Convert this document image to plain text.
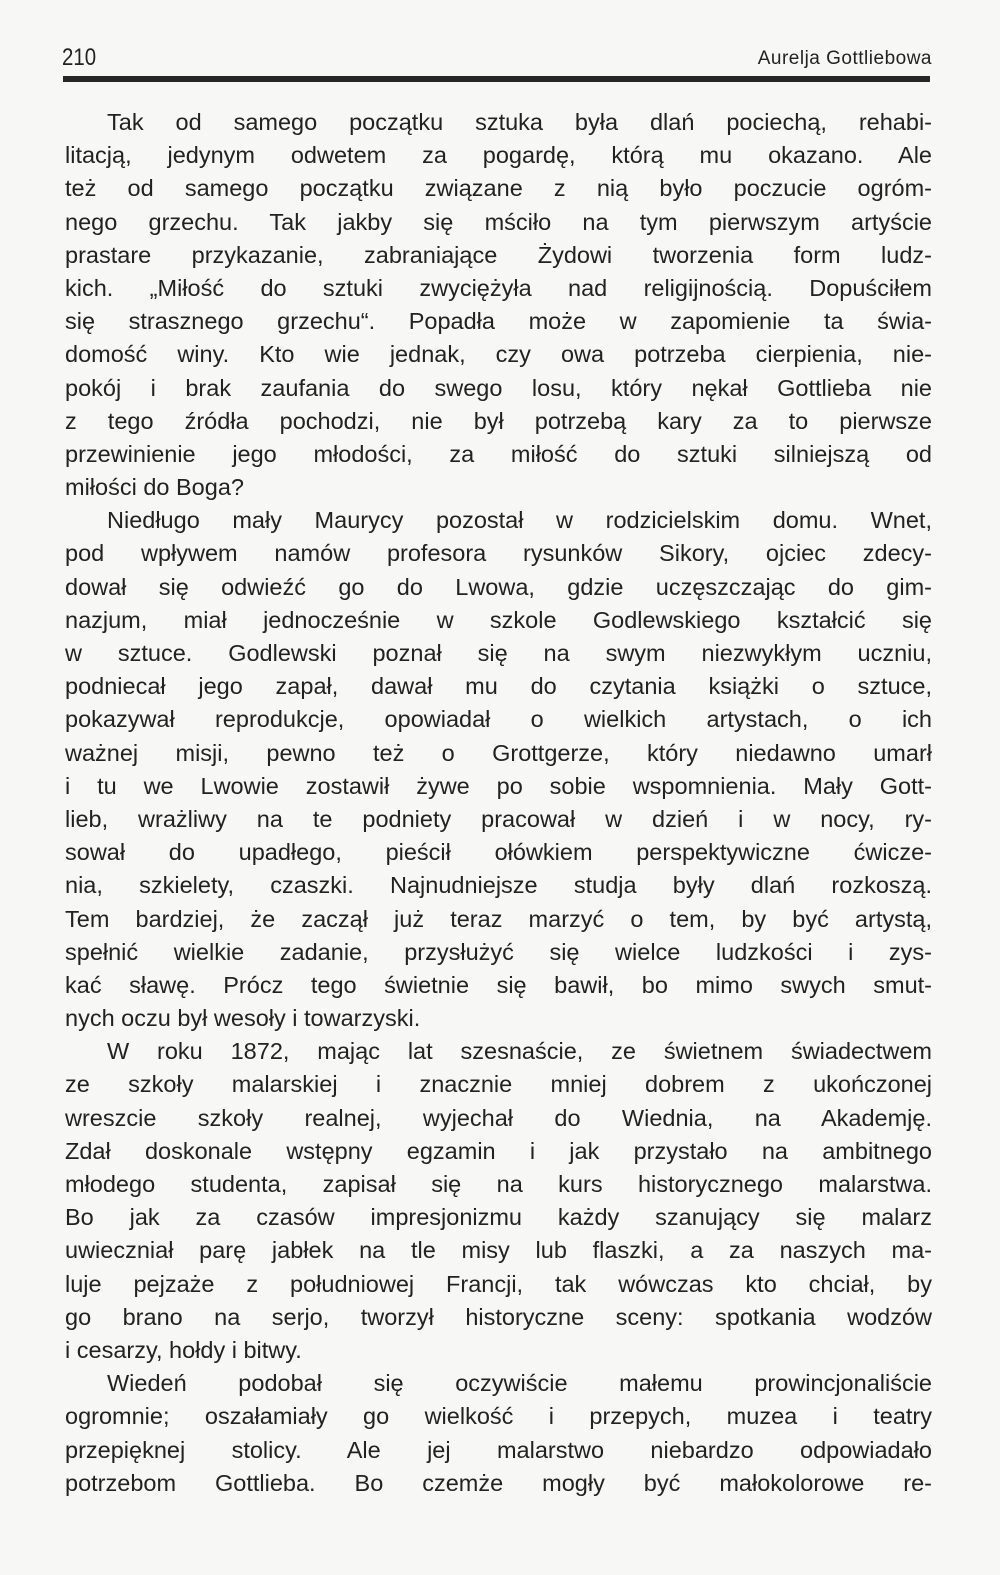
210	Aurelja Gottliebowa
Tak od samego początku sztuka była dlań pociechą, rehabi-
litacją, jedynym odwetem za pogardę, którą mu okazano. Ale
też od samego początku związane z nią było poczucie ogróm-
nego grzechu. Tak jakby się mściło na tym pierwszym artyście
prastare przykazanie, zabraniające Żydowi tworzenia form ludz-
kich. „Miłość do sztuki zwyciężyła nad religijnością. Dopuściłem
się strasznego grzechu“. Popadła może w zapomienie ta świa-
domość winy. Kto wie jednak, czy owa potrzeba cierpienia, nie-
pokój i brak zaufania do swego losu, który nękał Gottlieba nie
z tego źródła pochodzi, nie był potrzebą kary za to pierwsze
przewinienie jego młodości, za miłość do sztuki silniejszą od
miłości do Boga?
Niedługo mały Maurycy pozostał w rodzicielskim domu. Wnet,
pod wpływem namów profesora rysunków Sikory, ojciec zdecy-
dował się odwieźć go do Lwowa, gdzie uczęszczając do gim-
nazjum, miał jednocześnie w szkole Godlewskiego kształcić się
w sztuce. Godlewski poznał się na swym niezwykłym uczniu,
podniecał jego zapał, dawał mu do czytania książki o sztuce,
pokazywał reprodukcje, opowiadał o wielkich artystach, o ich
ważnej misji, pewno też o Grottgerze, który niedawno umarł
i tu we Lwowie zostawił żywe po sobie wspomnienia. Mały Gott-
lieb, wrażliwy na te podniety pracował w dzień i w nocy, ry-
sował do upadłego, pieścił ołówkiem perspektywiczne ćwicze-
nia, szkielety, czaszki. Najnudniejsze studja były dlań rozkoszą.
Tem bardziej, że zaczął już teraz marzyć o tem, by być artystą,
spełnić wielkie zadanie, przysłużyć się wielce ludzkości i zys-
kać sławę. Prócz tego świetnie się bawił, bo mimo swych smut-
nych oczu był wesoły i towarzyski.
W roku 1872, mając lat szesnaście, ze świetnem świadectwem
ze szkoły malarskiej i znacznie mniej dobrem z ukończonej
wreszcie szkoły realnej, wyjechał do Wiednia, na Akademję.
Zdał doskonale wstępny egzamin i jak przystało na ambitnego
młodego studenta, zapisał się na kurs historycznego malarstwa.
Bo jak za czasów impresjonizmu każdy szanujący się malarz
uwieczniał parę jabłek na tle misy lub flaszki, a za naszych ma-
luje pejzaże z południowej Francji, tak wówczas kto chciał, by
go brano na serjo, tworzył historyczne sceny: spotkania wodzów
i cesarzy, hołdy i bitwy.
Wiedeń podobał się oczywiście małemu prowincjonaliście
ogromnie; oszałamiały go wielkość i przepych, muzea i teatry
przepięknej stolicy. Ale jej malarstwo niebardzo odpowiadało
potrzebom Gottlieba. Bo czemże mogły być małokolorowe re-
